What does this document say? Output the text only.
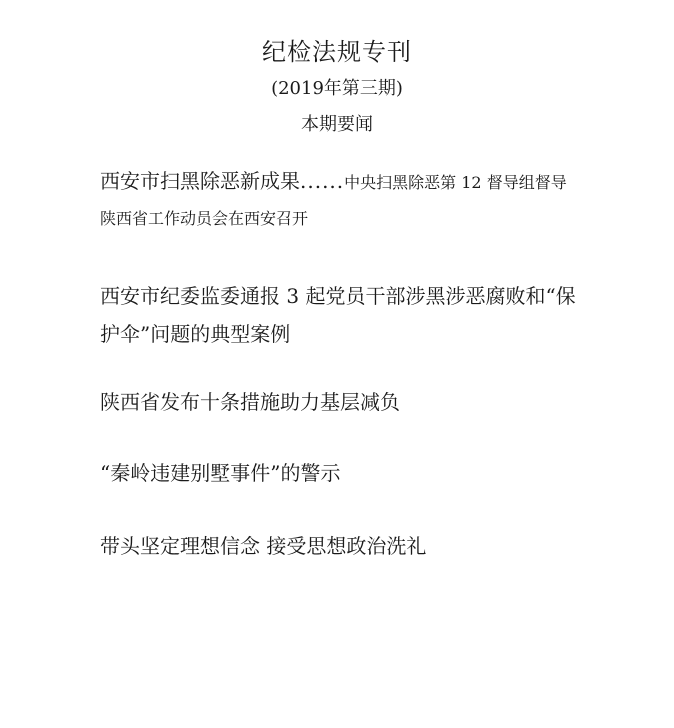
纪检法规专刊
(2019年第三期)
本期要闻
西安市扫黑除恶新成果......中央扫黑除恶第 12 督导组督导陕西省工作动员会在西安召开
西安市纪委监委通报 3 起党员干部涉黑涉恶腐败和“保护伞”问题的典型案例
陕西省发布十条措施助力基层减负
“秦岭违建别墅事件”的警示
带头坚定理想信念 接受思想政治洗礼
